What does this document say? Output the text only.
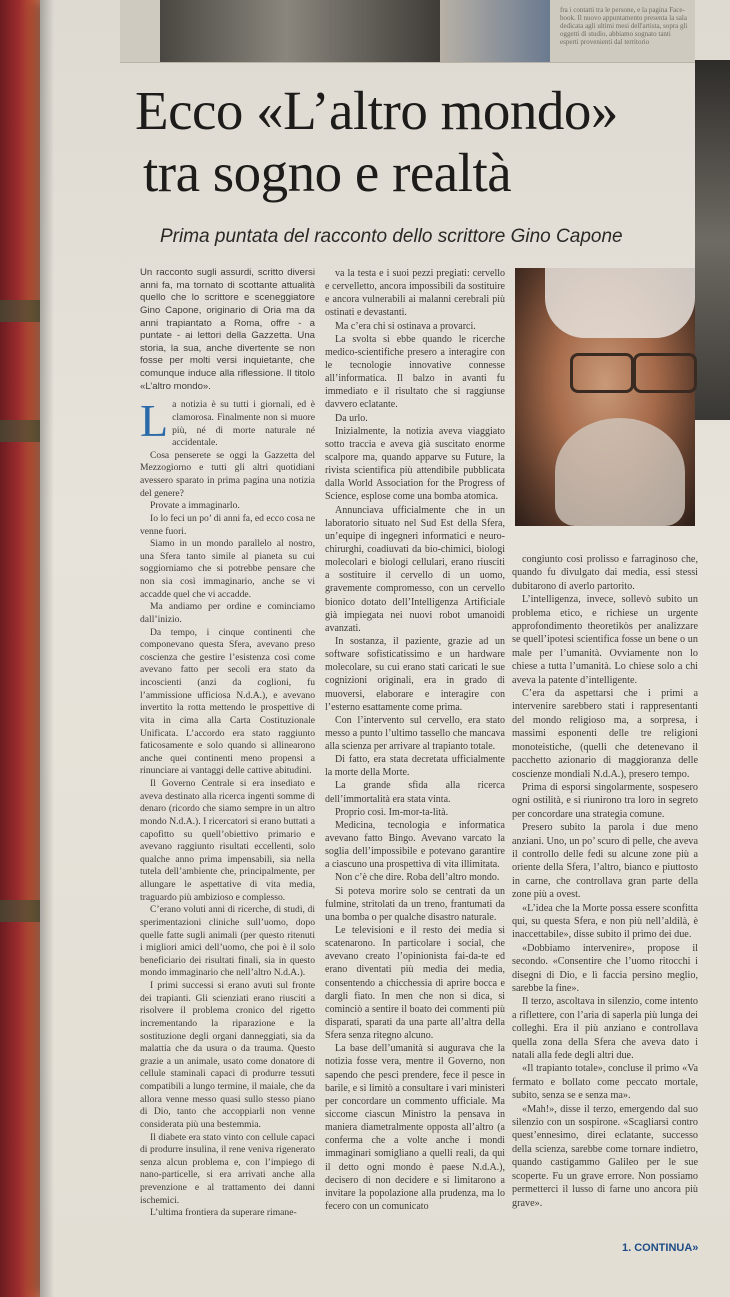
fra i contatti tra le persone, e la pagina Face-book. Il nuovo appuntamento presenta la sala dedicata agli ultimi mesi dell'artista, sopra gli oggetti di studio, abbiamo sognato tanti esperti provenienti dal territorio
Ecco «L’altro mondo»
tra sogno e realtà
Prima puntata del racconto dello scrittore Gino Capone

Un racconto sugli assurdi, scritto diversi anni fa, ma tornato di scottante attualità quello che lo scrittore e sceneggiatore Gino Capone, originario di Oria ma da anni trapiantato a Roma, offre - a puntate - ai lettori della Gazzetta. Una storia, la sua, anche divertente se non fosse per molti versi inquietante, che comunque induce alla riflessione. Il titolo «L’altro mondo».

L a notizia è su tutti i giornali, ed è clamorosa. Finalmente non si muore più, né di morte naturale né accidentale.

Cosa penserete se oggi la Gazzetta del Mezzogiorno e tutti gli altri quotidiani avessero sparato in prima pagina una notizia del genere?

Provate a immaginarlo.

Io lo feci un po’ di anni fa, ed ecco cosa ne venne fuori.

Siamo in un mondo parallelo al nostro, una Sfera tanto simile al pianeta su cui soggiorniamo che si potrebbe pensare che non sia così immaginario, anche se vi accadde quel che vi accadde.

Ma andiamo per ordine e cominciamo dall’inizio.

Da tempo, i cinque continenti che componevano questa Sfera, avevano preso coscienza che gestire l’esistenza così come avevano fatto per secoli era stato da incoscienti (anzi da coglioni, fu l’ammissione ufficiosa N.d.A.), e avevano invertito la rotta mettendo le prospettive di vita in cima alla Carta Costituzionale Unificata. L’accordo era stato raggiunto faticosamente e solo quando si allinearono anche quei continenti meno propensi a rinunciare ai vantaggi delle cattive abitudini.

Il Governo Centrale si era insediato e aveva destinato alla ricerca ingenti somme di denaro (ricordo che siamo sempre in un altro mondo N.d.A.). I ricercatori si erano buttati a capofitto su quell’obiettivo primario e avevano raggiunto risultati eccellenti, solo qualche anno prima impensabili, sia nella tutela dell’ambiente che, principalmente, per allungare le aspettative di vita media, traguardo più ambizioso e complesso.

C’erano voluti anni di ricerche, di studi, di sperimentazioni cliniche sull’uomo, dopo quelle fatte sugli animali (per questo ritenuti i migliori amici dell’uomo, che poi è il solo beneficiario dei risultati finali, sia in questo mondo immaginario che nell’altro N.d.A.).

I primi successi si erano avuti sul fronte dei trapianti. Gli scienziati erano riusciti a risolvere il problema cronico del rigetto incrementando la riparazione e la sostituzione degli organi danneggiati, sia da malattia che da usura o da trauma. Questo grazie a un animale, usato come donatore di cellule staminali capaci di produrre tessuti compatibili a lungo termine, il maiale, che da allora venne messo quasi sullo stesso piano di Dio, tanto che accoppiarli non venne considerata più una bestemmia.

Il diabete era stato vinto con cellule capaci di produrre insulina, il rene veniva rigenerato senza alcun problema e, con l’impiego di nano-particelle, si era arrivati anche alla prevenzione e al trattamento dei danni ischemici.

L’ultima frontiera da superare rimane-

va la testa e i suoi pezzi pregiati: cervello e cervelletto, ancora impossibili da sostituire e ancora vulnerabili ai malanni cerebrali più ostinati e devastanti.

Ma c’era chi si ostinava a provarci.

La svolta si ebbe quando le ricerche medico-scientifiche presero a interagire con le tecnologie innovative connesse all’informatica. Il balzo in avanti fu immediato e il risultato che si raggiunse davvero eclatante.

Da urlo.

Inizialmente, la notizia aveva viaggiato sotto traccia e aveva già suscitato enorme scalpore ma, quando apparve su Future, la rivista scientifica più attendibile pubblicata dalla World Association for the Progress of Science, esplose come una bomba atomica.

Annunciava ufficialmente che in un laboratorio situato nel Sud Est della Sfera, un’equipe di ingegneri informatici e neuro-chirurghi, coadiuvati da bio-chimici, biologi molecolari e biologi cellulari, erano riusciti a sostituire il cervello di un uomo, gravemente compromesso, con un cervello bionico dotato dell’Intelligenza Artificiale già impiegata nei nuovi robot umanoidi avanzati.

In sostanza, il paziente, grazie ad un software sofisticatissimo e un hardware molecolare, su cui erano stati caricati le sue cognizioni originali, era in grado di muoversi, elaborare e interagire con l’esterno esattamente come prima.

Con l’intervento sul cervello, era stato messo a punto l’ultimo tassello che mancava alla scienza per arrivare al trapianto totale.

Di fatto, era stata decretata ufficialmente la morte della Morte.

La grande sfida alla ricerca dell’immortalità era stata vinta.

Proprio così. Im-mor-ta-lità.

Medicina, tecnologia e informatica avevano fatto Bingo. Avevano varcato la soglia dell’impossibile e potevano garantire a ciascuno una prospettiva di vita illimitata.

Non c’è che dire. Roba dell’altro mondo.

Si poteva morire solo se centrati da un fulmine, stritolati da un treno, frantumati da una bomba o per qualche disastro naturale.

Le televisioni e il resto dei media si scatenarono. In particolare i social, che avevano creato l’opinionista fai-da-te ed erano diventati più media dei media, consentendo a chicchessia di aprire bocca e dargli fiato. In men che non si dica, si cominciò a sentire il boato dei commenti più disparati, sparati da una parte all’altra della Sfera senza ritegno alcuno.

La base dell’umanità si augurava che la notizia fosse vera, mentre il Governo, non sapendo che pesci prendere, fece il pesce in barile, e si limitò a consultare i vari ministeri per concordare un commento ufficiale. Ma siccome ciascun Ministro la pensava in maniera diametralmente opposta all’altro (a conferma che a volte anche i mondi immaginari somigliano a quelli reali, da qui il detto ogni mondo è paese N.d.A.), decisero di non decidere e si limitarono a invitare la popolazione alla prudenza, ma lo fecero con un comunicato

congiunto così prolisso e farraginoso che, quando fu divulgato dai media, essi stessi dubitarono di averlo partorito.

L’intelligenza, invece, sollevò subito un problema etico, e richiese un urgente approfondimento theoretikòs per analizzare se quell’ipotesi scientifica fosse un bene o un male per l’umanità. Ovviamente non lo chiese a tutta l’umanità. Lo chiese solo a chi aveva la patente d’intelligente.

C’era da aspettarsi che i primi a intervenire sarebbero stati i rappresentanti del mondo religioso ma, a sorpresa, i massimi esponenti delle tre religioni monoteistiche, (quelli che detenevano il pacchetto azionario di maggioranza delle coscienze mondiali N.d.A.), presero tempo.

Prima di esporsi singolarmente, sospesero ogni ostilità, e si riunirono tra loro in segreto per concordare una strategia comune.

Presero subito la parola i due meno anziani. Uno, un po’ scuro di pelle, che aveva il controllo delle fedi su alcune zone più a oriente della Sfera, l’altro, bianco e piuttosto in carne, che controllava gran parte della zone più a ovest.

«L’idea che la Morte possa essere sconfitta qui, su questa Sfera, e non più nell’aldilà, è inaccettabile», disse subito il primo dei due.

«Dobbiamo intervenire», propose il secondo. «Consentire che l’uomo ritocchi i disegni di Dio, e lì faccia persino meglio, sarebbe la fine».

Il terzo, ascoltava in silenzio, come intento a riflettere, con l’aria di saperla più lunga dei colleghi. Era il più anziano e controllava quella zona della Sfera che aveva dato i natali alla fede degli altri due.

«Il trapianto totale», concluse il primo «Va fermato e bollato come peccato mortale, subito, senza se e senza ma».

«Mah!», disse il terzo, emergendo dal suo silenzio con un sospirone. «Scagliarsi contro quest’ennesimo, direi eclatante, successo della scienza, sarebbe come tornare indietro, quando castigammo Galileo per le sue scoperte. Fu un grave errore. Non possiamo permetterci il lusso di farne uno ancora più grave».

1. CONTINUA»
